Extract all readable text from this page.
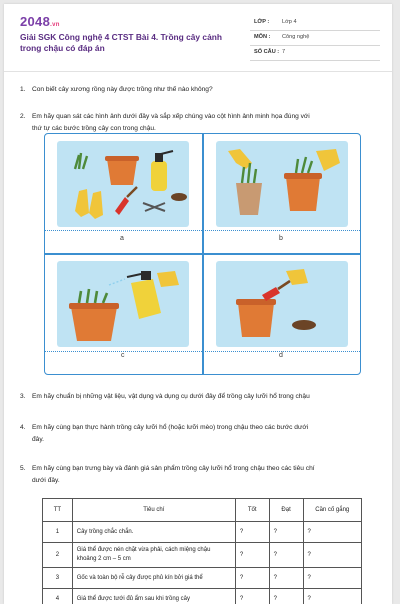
2048.vn
Giải SGK Công nghệ 4 CTST Bài 4. Trồng cây cảnh trong chậu có đáp án
LỚP : Lớp 4
MÔN : Công nghệ
SỐ CÂU : 7
1. Con biết cây xương rồng này được trồng như thế nào không?
2. Em hãy quan sát các hình ảnh dưới đây và sắp xếp chúng vào cột hình ảnh minh họa đúng với
thứ tự các bước trồng cây con trong chậu.
a	b
c	d
3. Em hãy chuẩn bị những vật liệu, vật dụng và dụng cụ dưới đây để trồng cây lưỡi hổ trong chậu
4. Em hãy cùng bạn thực hành trồng cây lưỡi hổ (hoặc lưỡi mèo) trong chậu theo các bước dưới
đây.
5. Em hãy cùng bạn trưng bày và đánh giá sản phẩm trồng cây lưỡi hổ trong chậu theo các tiêu chí
dưới đây.
TT	Tiêu chí	Tốt	Đạt	Cần cố gắng
1	Cây trồng chắc chắn.	?	?	?
2	Giá thể được nén chặt vừa phải, cách miệng chậu khoảng 2 cm – 5 cm	?	?	?
3	Gốc và toàn bộ rễ cây được phủ kín bởi giá thể	?	?	?
4	Giá thể được tưới đủ ẩm sau khi trồng cây	?	?	?
